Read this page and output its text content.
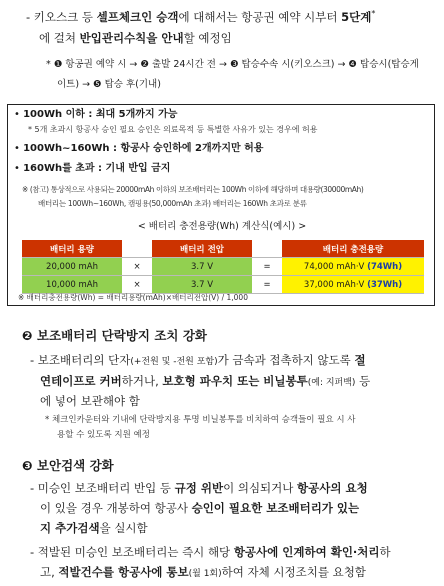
- 키오스크 등 셀프체크인 승객에 대해서는 항공권 예약 시부터 5단계*
에 걸쳐 반입관리수칙을 안내할 예정임
* ❶ 항공권 예약 시 → ❷ 출발 24시간 전 → ❸ 탑승수속 시(키오스크) → ❹ 탑승시(탑승게
이트) → ❺ 탑승 후(기내)
• 100Wh 이하 : 최대 5개까지 가능
* 5개 초과시 항공사 승인 필요 승인은 의료목적 등 특별한 사유가 있는 경우에 허용
• 100Wh~160Wh : 항공사 승인하에 2개까지만 허용
• 160Wh를 초과 : 기내 반입 금지
※ (참고) 통상적으로 사용되는 20000mAh 이하의 보조배터리는 100Wh 이하에 해당하며 대용량(30000mAh)
배터리는 100Wh~160Wh, 캠핑용(50,000mAh 초과) 배터리는 160Wh 초과로 분류
< 배터리 충전용량(Wh) 계산식(예시) >
배터리 용량		배터리 전압		배터리 충전용량
20,000 mAh	×	3.7 V	=	74,000 mAh·V (74Wh)
10,000 mAh	×	3.7 V	=	37,000 mAh·V (37Wh)
※ 배터리충전용량(Wh) = 배터리용량(mAh)×배터리전압(V) / 1,000
❷ 보조배터리 단락방지 조치 강화
- 보조배터리의 단자(+전원 및 -전원 포함)가 금속과 접촉하지 않도록 절
연테이프로 커버하거나, 보호형 파우치 또는 비닐봉투(예: 지퍼백) 등
에 넣어 보관해야 함
* 체크인카운터와 기내에 단락방지용 투명 비닐봉투를 비치하여 승객들이 필요 시 사
용할 수 있도록 지원 예정
❸ 보안검색 강화
- 미승인 보조배터리 반입 등 규정 위반이 의심되거나 항공사의 요청
이 있을 경우 개봉하여 항공사 승인이 필요한 보조배터리가 있는
지 추가검색을 실시함
- 적발된 미승인 보조배터리는 즉시 해당 항공사에 인계하여 확인·처리하
고, 적발건수를 항공사에 통보(월 1회)하여 자체 시정조치를 요청함
